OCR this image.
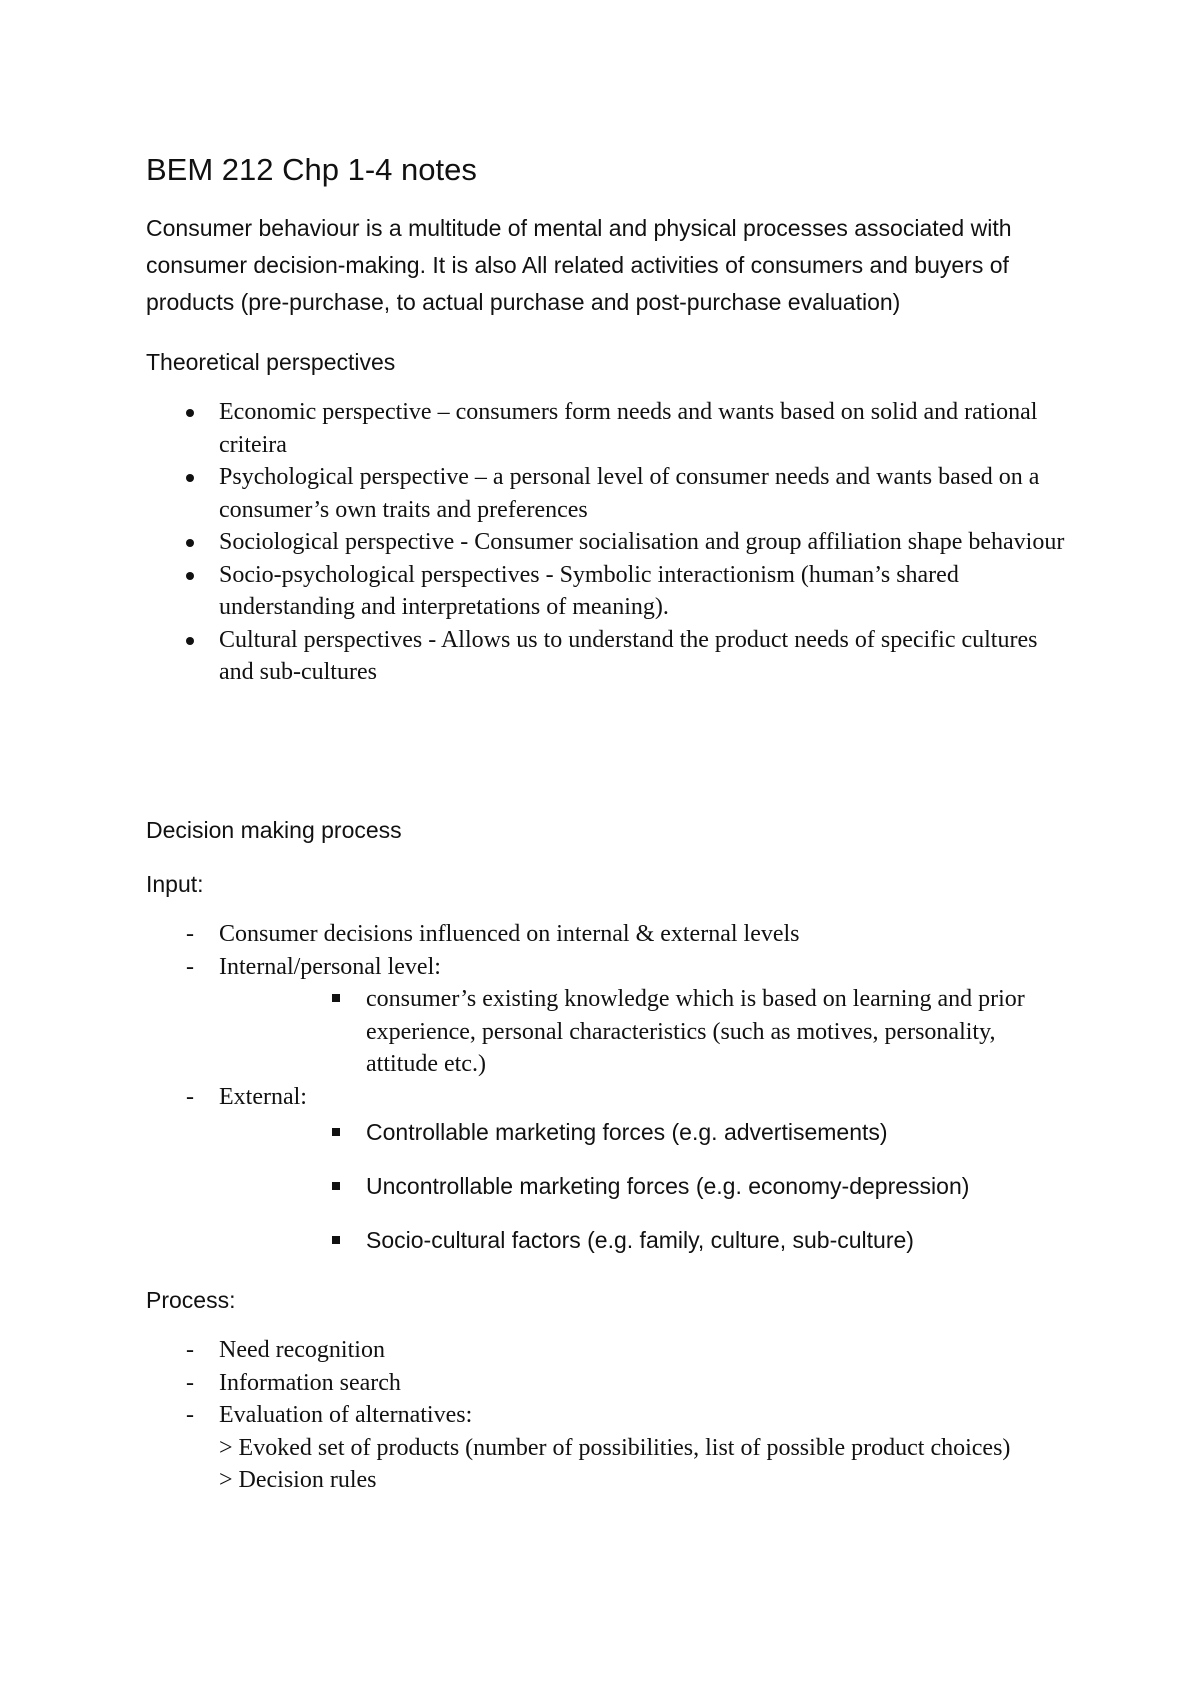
BEM 212 Chp 1-4 notes

Consumer behaviour is a multitude of mental and physical processes associated with consumer decision-making. It is also All related activities of consumers and buyers of products (pre-purchase, to actual purchase and post-purchase evaluation)

Theoretical perspectives

Economic perspective – consumers form needs and wants based on solid and rational criteira
Psychological perspective – a personal level of consumer needs and wants based on a consumer’s own traits and preferences
Sociological perspective - Consumer socialisation and group affiliation shape behaviour
Socio-psychological perspectives - Symbolic interactionism (human’s shared understanding and interpretations of meaning).
Cultural perspectives - Allows us to understand the product needs of specific cultures and sub-cultures

Decision making process

Input:

- Consumer decisions influenced on internal & external levels
- Internal/personal level:
consumer’s existing knowledge which is based on learning and prior experience, personal characteristics (such as motives, personality, attitude etc.)
- External:
Controllable marketing forces (e.g. advertisements)
Uncontrollable marketing forces (e.g. economy-depression)
Socio-cultural factors (e.g. family, culture, sub-culture)

Process:

- Need recognition
- Information search
- Evaluation of alternatives:
> Evoked set of products (number of possibilities, list of possible product choices)
> Decision rules
